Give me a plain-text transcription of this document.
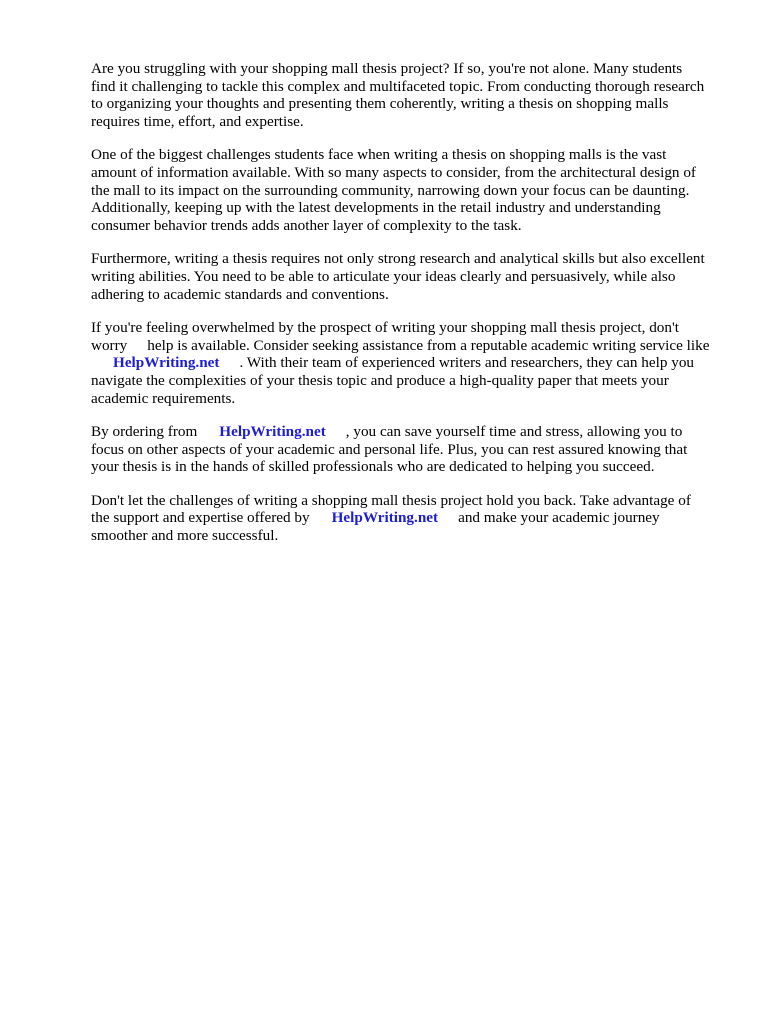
Are you struggling with your shopping mall thesis project? If so, you're not alone. Many students
find it challenging to tackle this complex and multifaceted topic. From conducting thorough research
to organizing your thoughts and presenting them coherently, writing a thesis on shopping malls
requires time, effort, and expertise.

One of the biggest challenges students face when writing a thesis on shopping malls is the vast
amount of information available. With so many aspects to consider, from the architectural design of
the mall to its impact on the surrounding community, narrowing down your focus can be daunting.
Additionally, keeping up with the latest developments in the retail industry and understanding
consumer behavior trends adds another layer of complexity to the task.

Furthermore, writing a thesis requires not only strong research and analytical skills but also excellent
writing abilities. You need to be able to articulate your ideas clearly and persuasively, while also
adhering to academic standards and conventions.

If you're feeling overwhelmed by the prospect of writing your shopping mall thesis project, don't
worry help is available. Consider seeking assistance from a reputable academic writing service like
HelpWriting.net . With their team of experienced writers and researchers, they can help you
navigate the complexities of your thesis topic and produce a high-quality paper that meets your
academic requirements.

By ordering from HelpWriting.net , you can save yourself time and stress, allowing you to
focus on other aspects of your academic and personal life. Plus, you can rest assured knowing that
your thesis is in the hands of skilled professionals who are dedicated to helping you succeed.

Don't let the challenges of writing a shopping mall thesis project hold you back. Take advantage of
the support and expertise offered by HelpWriting.net and make your academic journey
smoother and more successful.
